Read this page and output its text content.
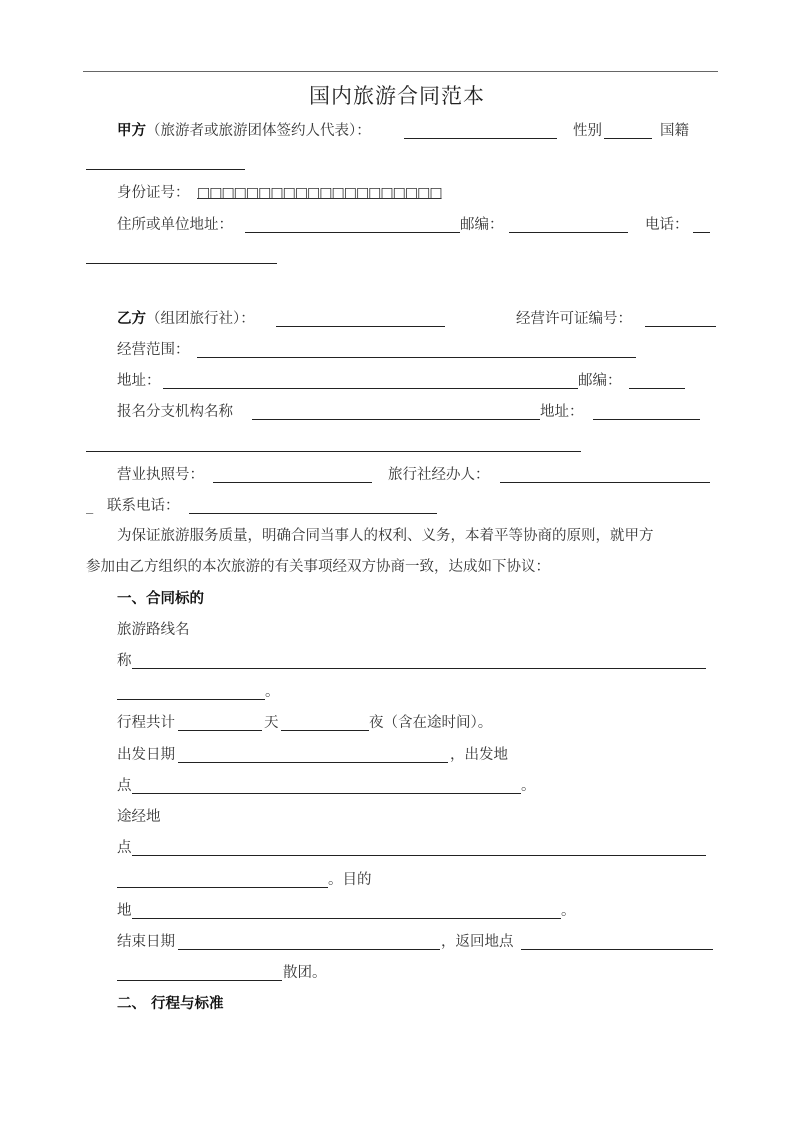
国内旅游合同范本
甲方（旅游者或旅游团体签约人代表）：	性别	国籍
身份证号： □□□□□□□□□□□□□□□□□□□□
住所或单位地址：	邮编：	电话：
乙方（组团旅行社）：	经营许可证编号：
经营范围：
地址：	邮编：
报名分支机构名称	地址：
营业执照号：	旅行社经办人：
_ 联系电话：
为保证旅游服务质量，明确合同当事人的权利、义务，本着平等协商的原则，就甲方
参加由乙方组织的本次旅游的有关事项经双方协商一致，达成如下协议：
一、合同标的
旅游路线名
称
。
行程共计	天	夜（含在途时间）。
出发日期	，出发地
点	。
途经地
点
。目的
地	。
结束日期	，返回地点
散团。
二、 行程与标准
